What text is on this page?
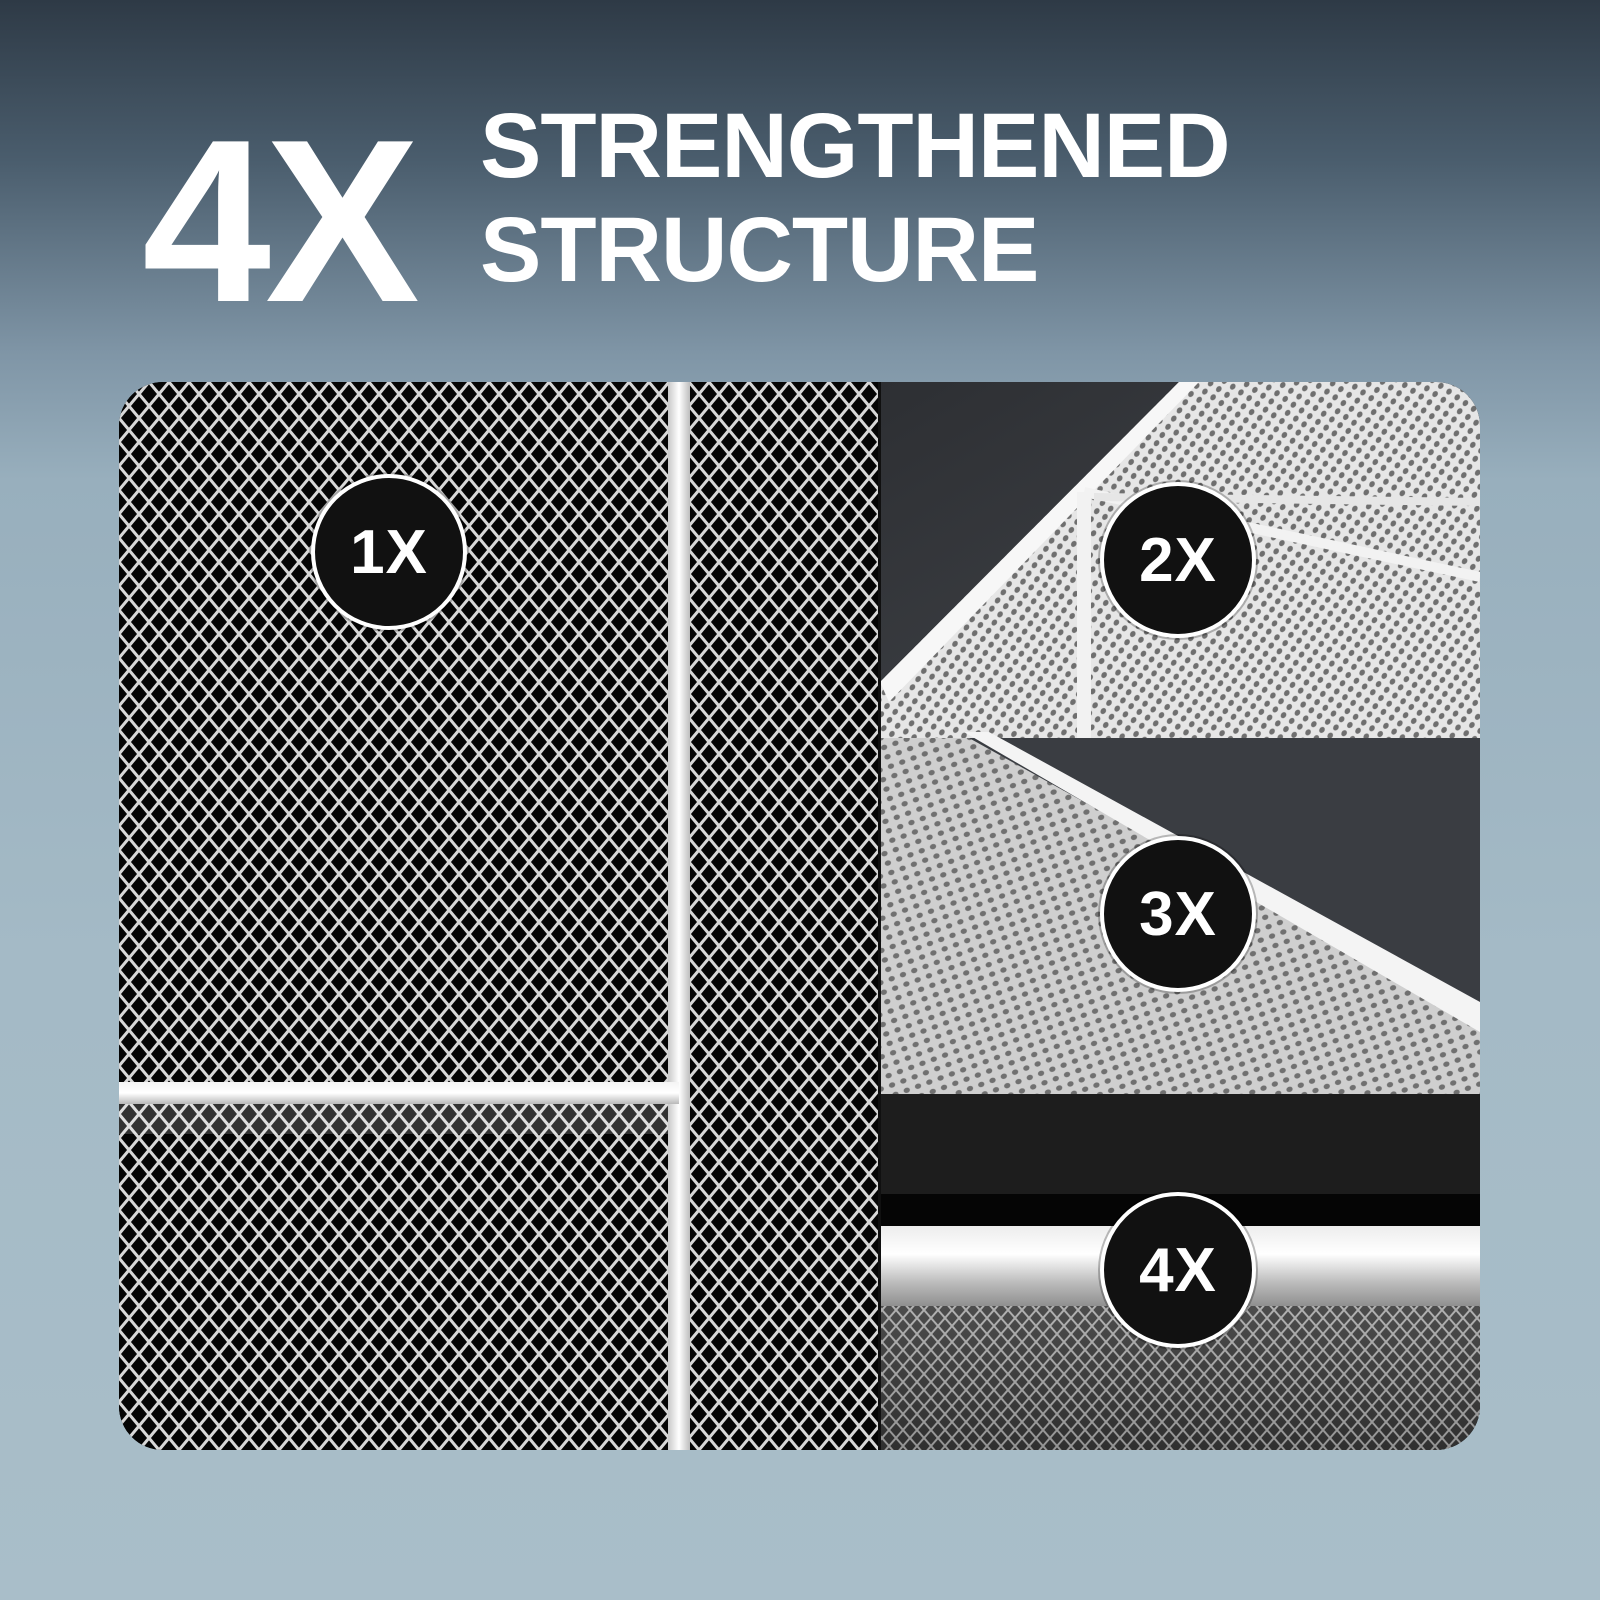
4X STRENGTHENED
STRUCTURE
1X	2X
3X
4X
